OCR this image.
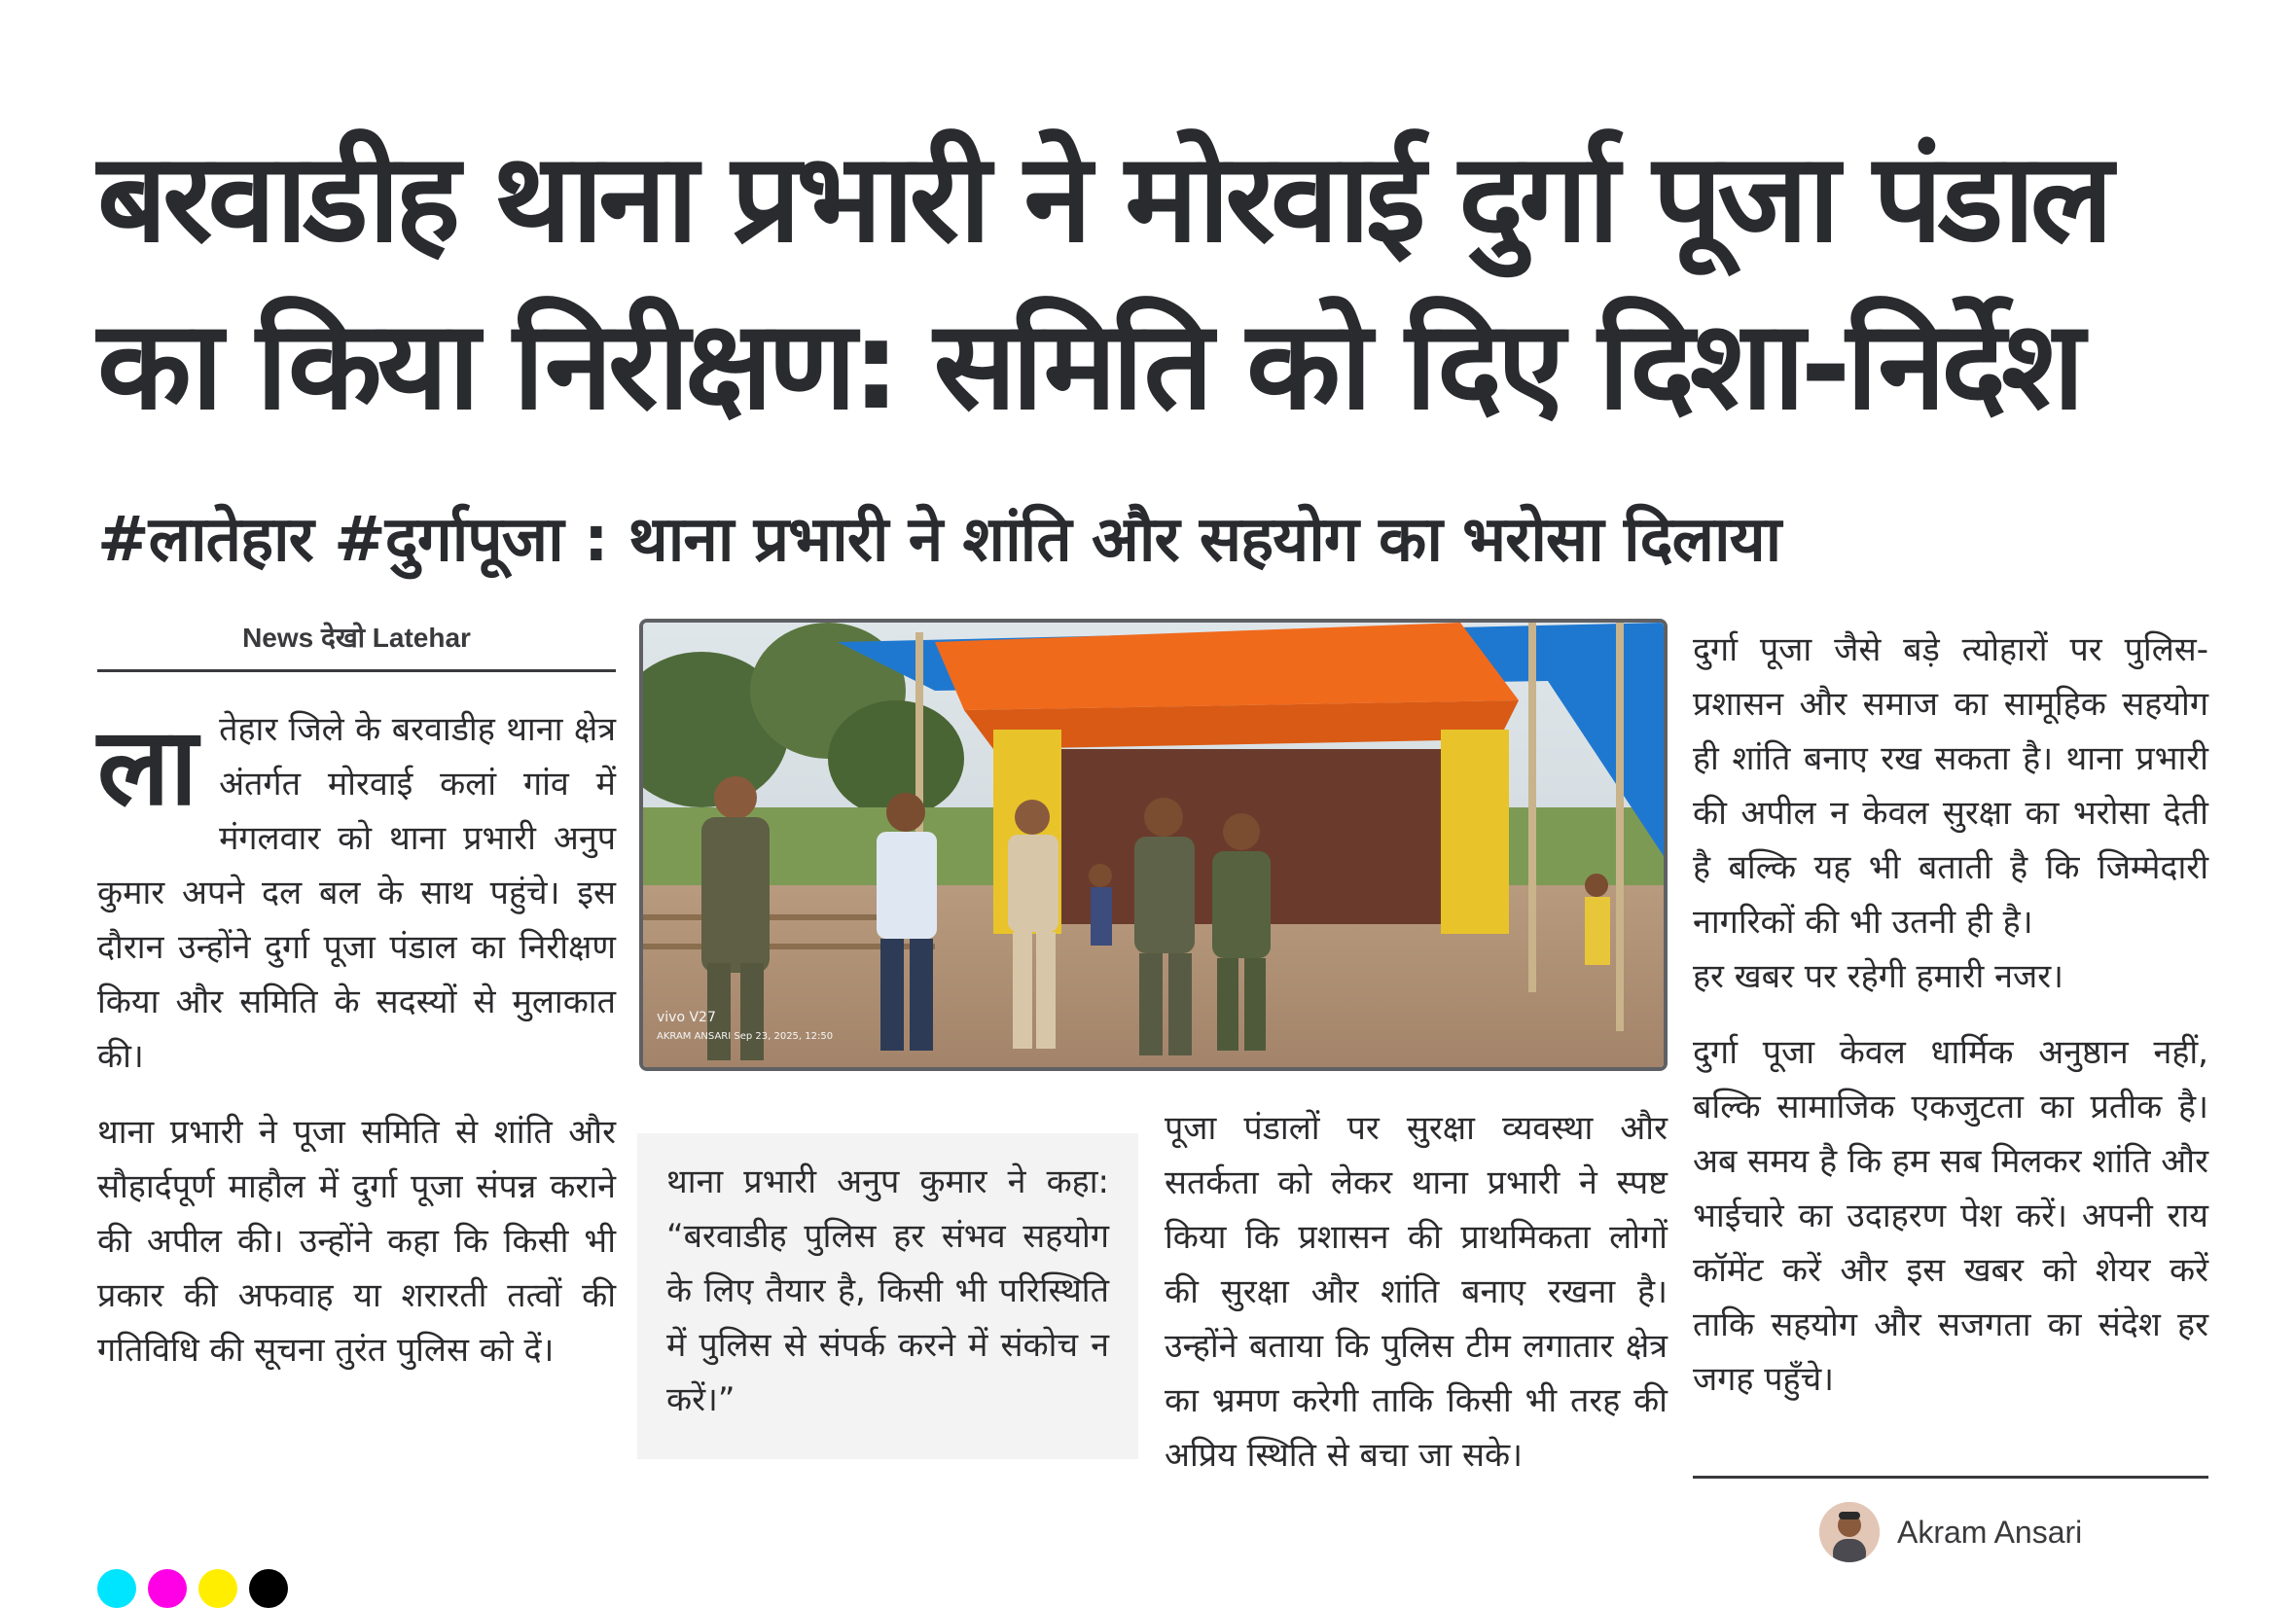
बरवाडीह थाना प्रभारी ने मोरवाई दुर्गा पूजा पंडाल का किया निरीक्षण: समिति को दिए दिशा-निर्देश
#लातेहार #दुर्गापूजा : थाना प्रभारी ने शांति और सहयोग का भरोसा दिलाया
News देखो Latehar

ला तेहार जिले के बरवाडीह थाना क्षेत्र अंतर्गत मोरवाई कलां गांव में मंगलवार को थाना प्रभारी अनुप कुमार अपने दल बल के साथ पहुंचे। इस दौरान उन्होंने दुर्गा पूजा पंडाल का निरीक्षण किया और समिति के सदस्यों से मुलाकात की।

थाना प्रभारी ने पूजा समिति से शांति और सौहार्दपूर्ण माहौल में दुर्गा पूजा संपन्न कराने की अपील की। उन्होंने कहा कि किसी भी प्रकार की अफवाह या शरारती तत्वों की गतिविधि की सूचना तुरंत पुलिस को दें।

vivo V27
AKRAM ANSARI Sep 23, 2025, 12:50

थाना प्रभारी अनुप कुमार ने कहा: “बरवाडीह पुलिस हर संभव सहयोग के लिए तैयार है, किसी भी परिस्थिति में पुलिस से संपर्क करने में संकोच न करें।”

पूजा पंडालों पर सुरक्षा व्यवस्था और सतर्कता को लेकर थाना प्रभारी ने स्पष्ट किया कि प्रशासन की प्राथमिकता लोगों की सुरक्षा और शांति बनाए रखना है। उन्होंने बताया कि पुलिस टीम लगातार क्षेत्र का भ्रमण करेगी ताकि किसी भी तरह की अप्रिय स्थिति से बचा जा सके।

दुर्गा पूजा जैसे बड़े त्योहारों पर पुलिस-प्रशासन और समाज का सामूहिक सहयोग ही शांति बनाए रख सकता है। थाना प्रभारी की अपील न केवल सुरक्षा का भरोसा देती है बल्कि यह भी बताती है कि जिम्मेदारी नागरिकों की भी उतनी ही है।

हर खबर पर रहेगी हमारी नजर।

दुर्गा पूजा केवल धार्मिक अनुष्ठान नहीं, बल्कि सामाजिक एकजुटता का प्रतीक है। अब समय है कि हम सब मिलकर शांति और भाईचारे का उदाहरण पेश करें। अपनी राय कॉमेंट करें और इस खबर को शेयर करें ताकि सहयोग और सजगता का संदेश हर जगह पहुँचे।

Akram Ansari
